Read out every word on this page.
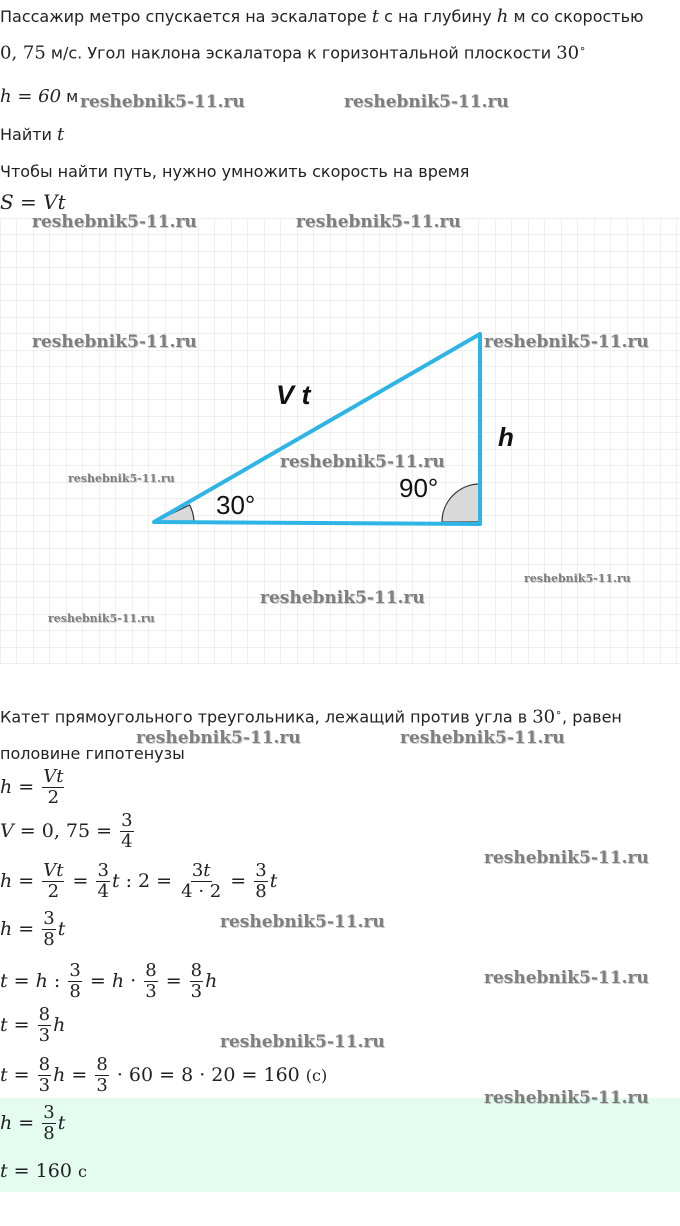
Пассажир метро спускается на эскалаторе t с на глубину h м со скоростью
0, 75 м/с. Угол наклона эскалатора к горизонтальной плоскости 30∘
h = 60 м
Найти t
Чтобы найти путь, нужно умножить скорость на время
S = Vt
V t
h
30°
90°
Катет прямоугольного треугольника, лежащий против угла в 30∘, равен
половине гипотенузы
$h = \frac{Vt}{2}$
V = 0, $75 = \frac{3}{4}$
$h = \frac{Vt}{2} = \frac{3}{4}$ t : $2 = \frac{3t}{4 \cdot 2} = \frac{3}{8}$ t
$h = \frac{3}{8}$ t
t = h : $\frac{3}{8} = h \cdot \frac{8}{3} = \frac{8}{3}$ h
$t = \frac{8}{3}$ h
$t = \frac{8}{3}$ $h = \frac{8}{3} \cdot 60 = 8 \cdot 20 = 160$ (с)
$h = \frac{3}{8}$ t
t = 160 с
reshebnik5-11.ru	reshebnik5-11.ru
reshebnik5-11.ru	reshebnik5-11.ru
reshebnik5-11.ru	reshebnik5-11.ru
reshebnik5-11.ru
reshebnik5-11.ru
reshebnik5-11.ru
reshebnik5-11.ru
reshebnik5-11.ru
reshebnik5-11.ru	reshebnik5-11.ru
reshebnik5-11.ru
reshebnik5-11.ru
reshebnik5-11.ru
reshebnik5-11.ru
reshebnik5-11.ru
